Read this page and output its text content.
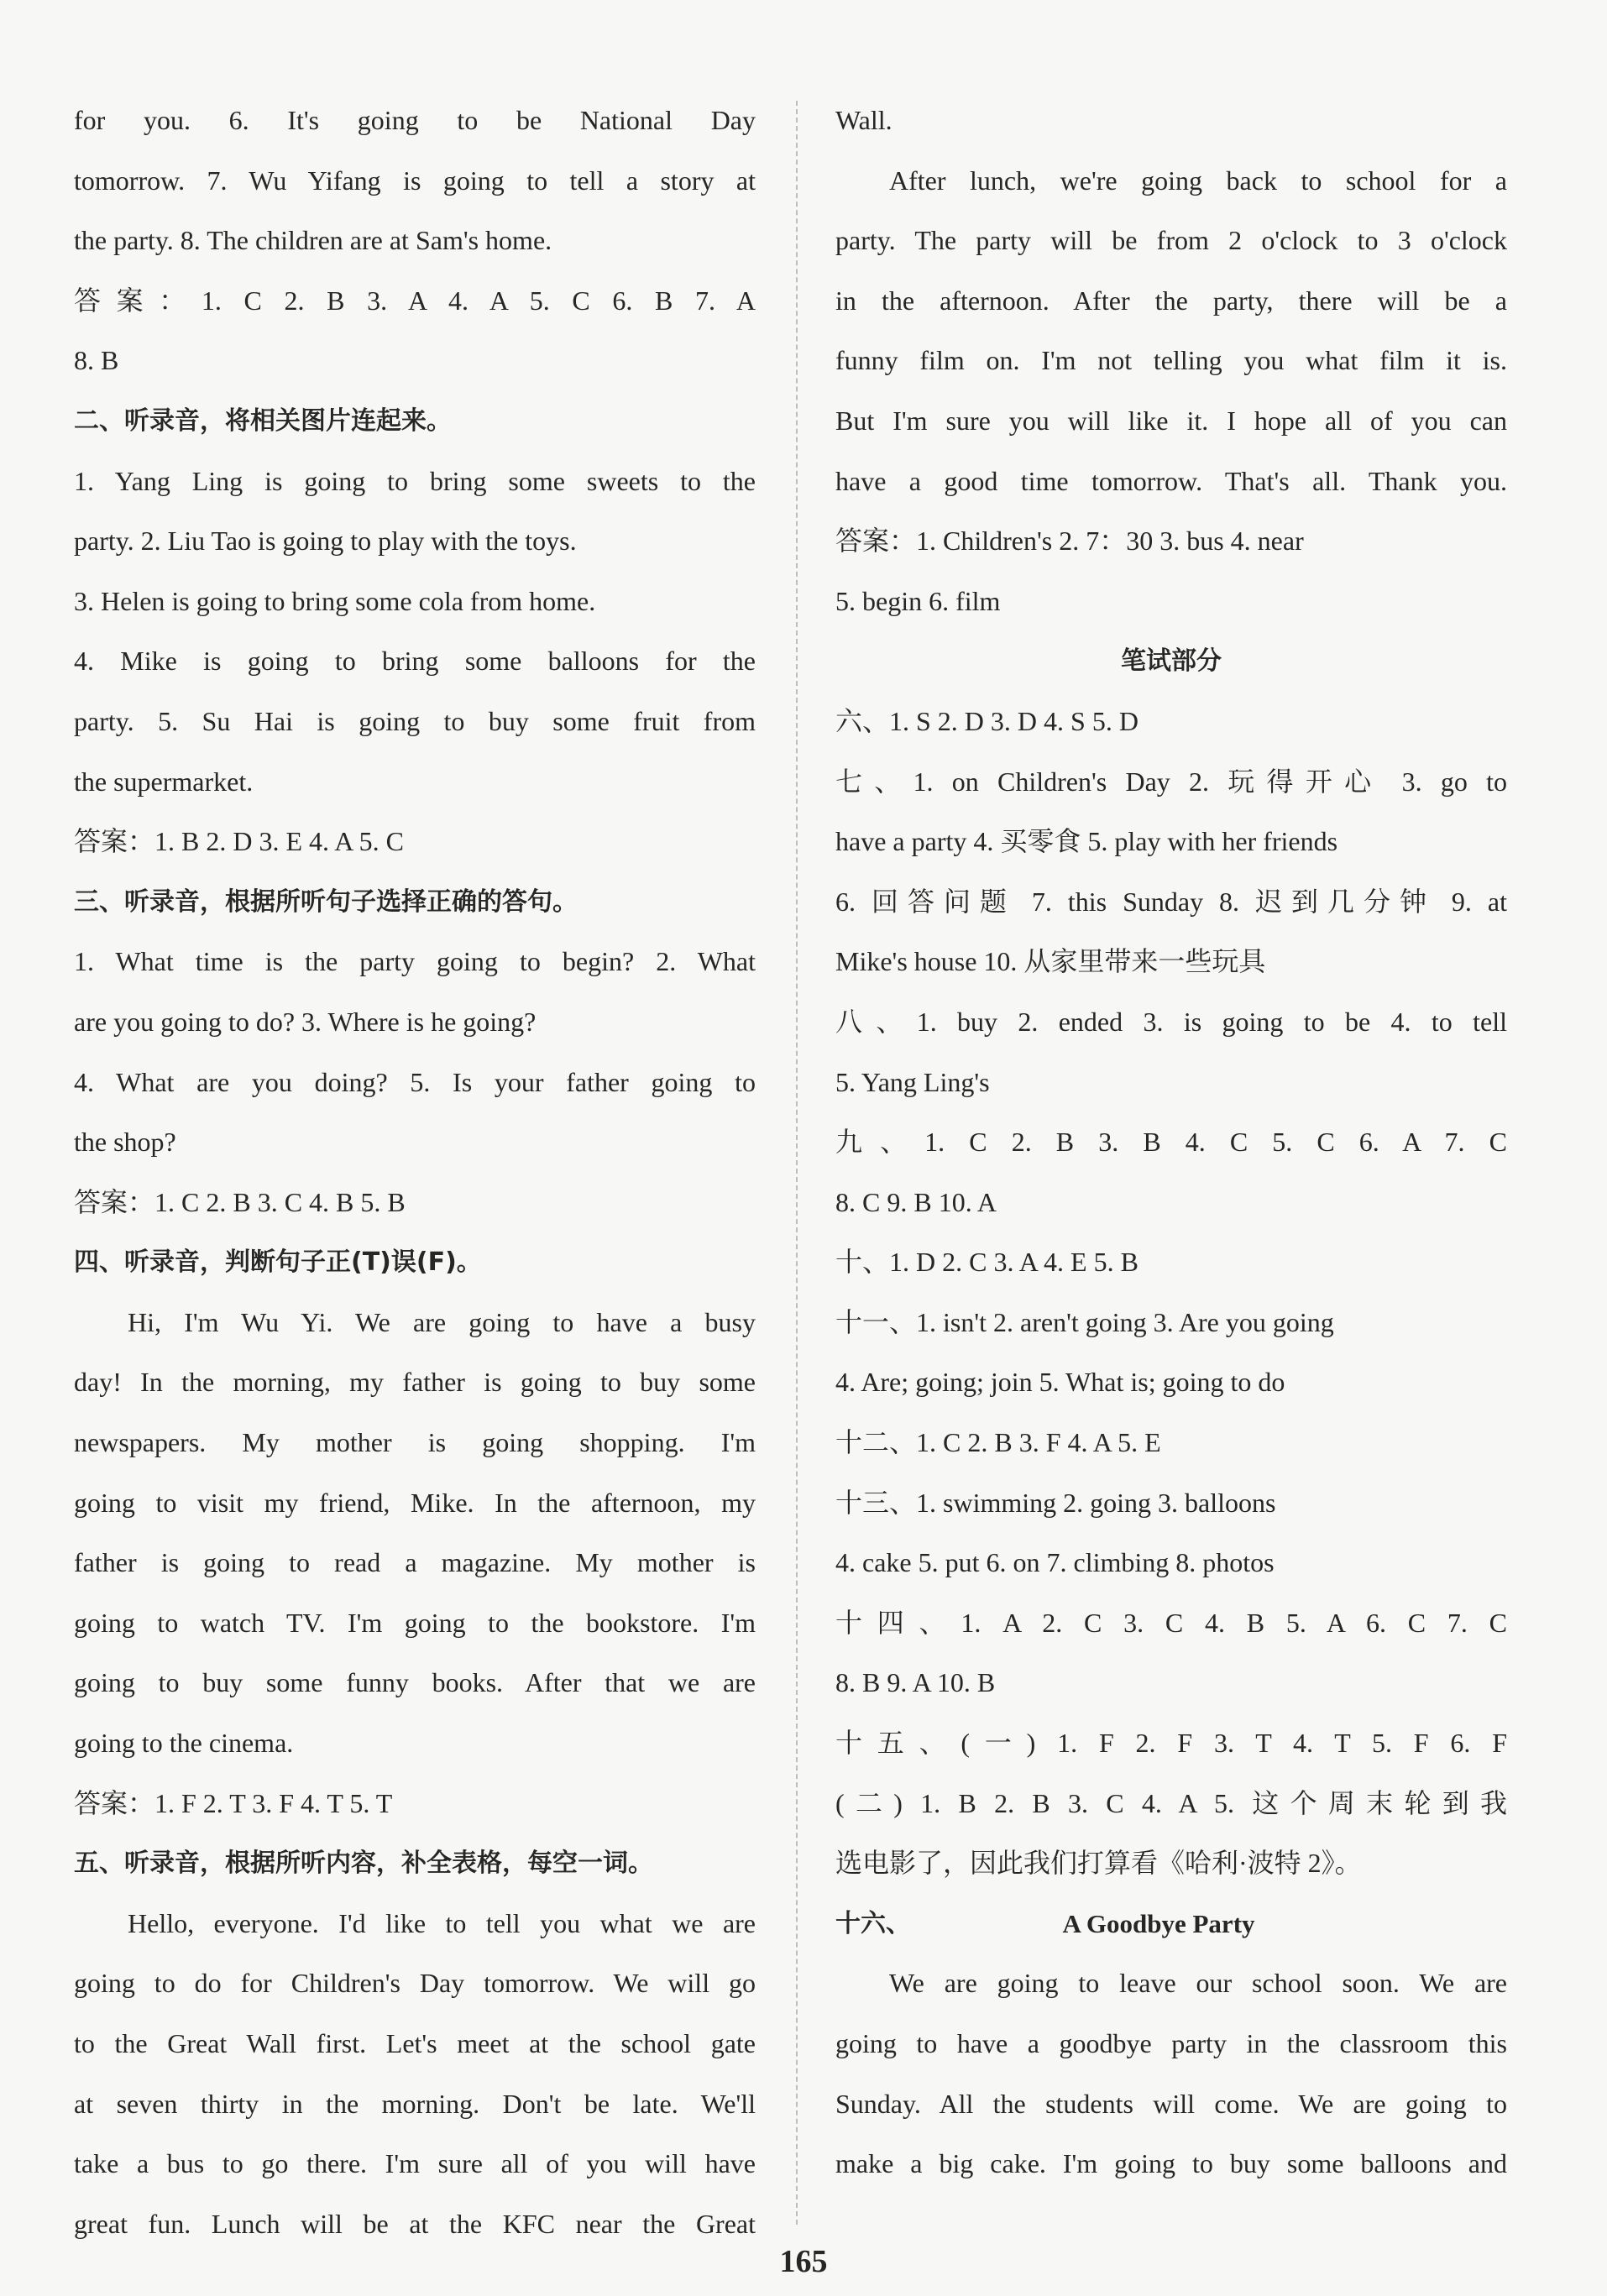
for you. 6. It's going to be National Day
tomorrow. 7. Wu Yifang is going to tell a story at
the party. 8. The children are at Sam's home.
答案：1. C 2. B 3. A 4. A 5. C 6. B 7. A
8. B
二、听录音，将相关图片连起来。
1. Yang Ling is going to bring some sweets to the
party. 2. Liu Tao is going to play with the toys.
3. Helen is going to bring some cola from home.
4. Mike is going to bring some balloons for the
party. 5. Su Hai is going to buy some fruit from
the supermarket.
答案：1. B 2. D 3. E 4. A 5. C
三、听录音，根据所听句子选择正确的答句。
1. What time is the party going to begin? 2. What
are you going to do? 3. Where is he going?
4. What are you doing? 5. Is your father going to
the shop?
答案：1. C 2. B 3. C 4. B 5. B
四、听录音，判断句子正(T)误(F)。
Hi, I'm Wu Yi. We are going to have a busy
day! In the morning, my father is going to buy some
newspapers. My mother is going shopping. I'm
going to visit my friend, Mike. In the afternoon, my
father is going to read a magazine. My mother is
going to watch TV. I'm going to the bookstore. I'm
going to buy some funny books. After that we are
going to the cinema.
答案：1. F 2. T 3. F 4. T 5. T
五、听录音，根据所听内容，补全表格，每空一词。
Hello, everyone. I'd like to tell you what we are
going to do for Children's Day tomorrow. We will go
to the Great Wall first. Let's meet at the school gate
at seven thirty in the morning. Don't be late. We'll
take a bus to go there. I'm sure all of you will have
great fun. Lunch will be at the KFC near the Great
Wall.
After lunch, we're going back to school for a
party. The party will be from 2 o'clock to 3 o'clock
in the afternoon. After the party, there will be a
funny film on. I'm not telling you what film it is.
But I'm sure you will like it. I hope all of you can
have a good time tomorrow. That's all. Thank you.
答案：1. Children's 2. 7：30 3. bus 4. near
5. begin 6. film
笔试部分
六、1. S 2. D 3. D 4. S 5. D
七、1. on Children's Day 2. 玩得开心 3. go to
have a party 4. 买零食 5. play with her friends
6. 回答问题 7. this Sunday 8. 迟到几分钟 9. at
Mike's house 10. 从家里带来一些玩具
八、1. buy 2. ended 3. is going to be 4. to tell
5. Yang Ling's
九、1. C 2. B 3. B 4. C 5. C 6. A 7. C
8. C 9. B 10. A
十、1. D 2. C 3. A 4. E 5. B
十一、1. isn't 2. aren't going 3. Are you going
4. Are; going; join 5. What is; going to do
十二、1. C 2. B 3. F 4. A 5. E
十三、1. swimming 2. going 3. balloons
4. cake 5. put 6. on 7. climbing 8. photos
十四、1. A 2. C 3. C 4. B 5. A 6. C 7. C
8. B 9. A 10. B
十五、(一) 1. F 2. F 3. T 4. T 5. F 6. F
(二) 1. B 2. B 3. C 4. A 5. 这个周末轮到我
选电影了，因此我们打算看《哈利·波特 2》。
十六、	A Goodbye Party
We are going to leave our school soon. We are
going to have a goodbye party in the classroom this
Sunday. All the students will come. We are going to
make a big cake. I'm going to buy some balloons and
165
